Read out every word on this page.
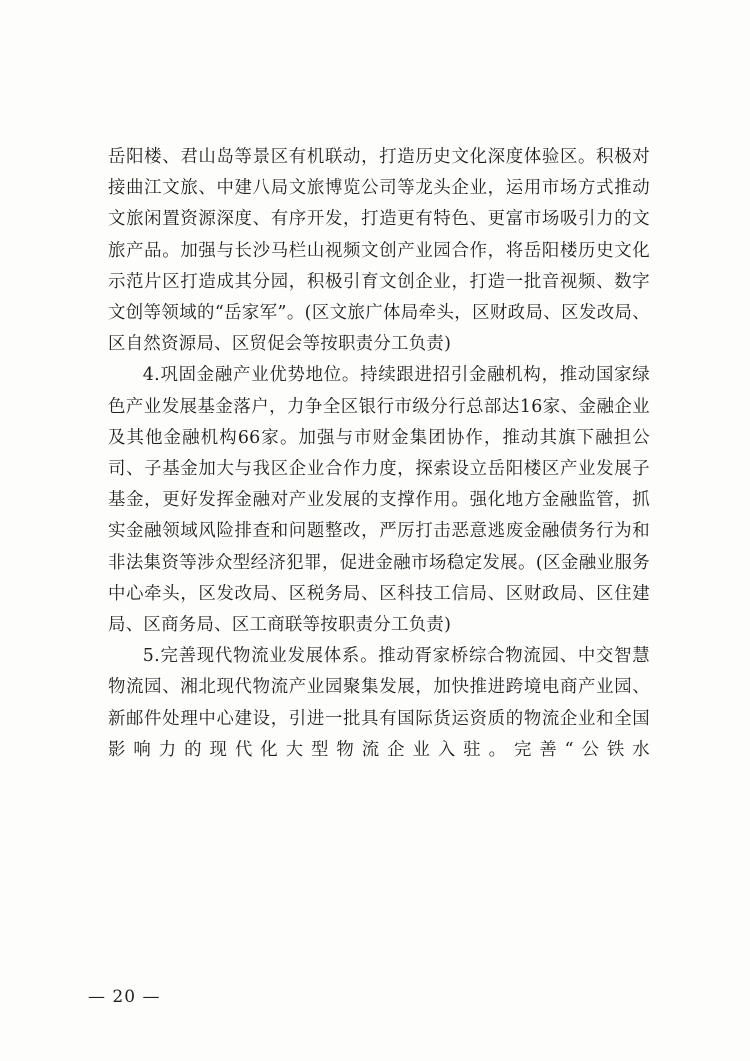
岳阳楼、君山岛等景区有机联动，打造历史文化深度体验区。积极对接曲江文旅、中建八局文旅博览公司等龙头企业，运用市场方式推动文旅闲置资源深度、有序开发，打造更有特色、更富市场吸引力的文旅产品。加强与长沙马栏山视频文创产业园合作，将岳阳楼历史文化示范片区打造成其分园，积极引育文创企业，打造一批音视频、数字文创等领域的“岳家军”。(区文旅广体局牵头，区财政局、区发改局、区自然资源局、区贸促会等按职责分工负责)

4.巩固金融产业优势地位。持续跟进招引金融机构，推动国家绿色产业发展基金落户，力争全区银行市级分行总部达16家、金融企业及其他金融机构66家。加强与市财金集团协作，推动其旗下融担公司、子基金加大与我区企业合作力度，探索设立岳阳楼区产业发展子基金，更好发挥金融对产业发展的支撑作用。强化地方金融监管，抓实金融领域风险排查和问题整改，严厉打击恶意逃废金融债务行为和非法集资等涉众型经济犯罪，促进金融市场稳定发展。(区金融业服务中心牵头，区发改局、区税务局、区科技工信局、区财政局、区住建局、区商务局、区工商联等按职责分工负责)

5.完善现代物流业发展体系。推动胥家桥综合物流园、中交智慧物流园、湘北现代物流产业园聚集发展，加快推进跨境电商产业园、新邮件处理中心建设，引进一批具有国际货运资质的物流企业和全国影响力的现代化大型物流企业入驻。完善“公铁水

— 20 —
